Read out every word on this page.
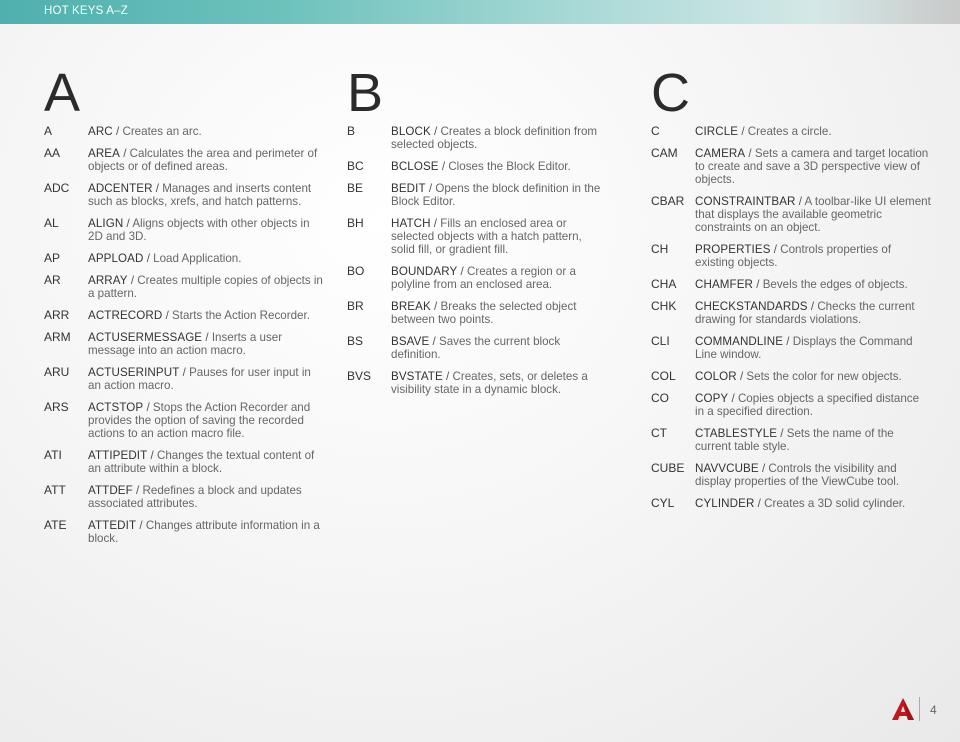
HOT KEYS A–Z
A
A	ARC / Creates an arc.
AA	AREA / Calculates the area and perimeter of objects or of defined areas.
ADC	ADCENTER / Manages and inserts content such as blocks, xrefs, and hatch patterns.
AL	ALIGN / Aligns objects with other objects in 2D and 3D.
AP	APPLOAD / Load Application.
AR	ARRAY / Creates multiple copies of objects in a pattern.
ARR	ACTRECORD / Starts the Action Recorder.
ARM	ACTUSERMESSAGE / Inserts a user message into an action macro.
ARU	ACTUSERINPUT / Pauses for user input in an action macro.
ARS	ACTSTOP / Stops the Action Recorder and provides the option of saving the recorded actions to an action macro file.
ATI	ATTIPEDIT / Changes the textual content of an attribute within a block.
ATT	ATTDEF / Redefines a block and updates associated attributes.
ATE	ATTEDIT / Changes attribute information in a block.
B
B	BLOCK / Creates a block definition from selected objects.
BC	BCLOSE / Closes the Block Editor.
BE	BEDIT / Opens the block definition in the Block Editor.
BH	HATCH / Fills an enclosed area or selected objects with a hatch pattern, solid fill, or gradient fill.
BO	BOUNDARY / Creates a region or a polyline from an enclosed area.
BR	BREAK / Breaks the selected object between two points.
BS	BSAVE / Saves the current block definition.
BVS	BVSTATE / Creates, sets, or deletes a visibility state in a dynamic block.
C
C	CIRCLE / Creates a circle.
CAM	CAMERA / Sets a camera and target location to create and save a 3D perspective view of objects.
CBAR CONSTRAINTBAR / A toolbar-like UI element that displays the available geometric constraints on an object.
CH	PROPERTIES / Controls properties of existing objects.
CHA	CHAMFER / Bevels the edges of objects.
CHK	CHECKSTANDARDS / Checks the current drawing for standards violations.
CLI	COMMANDLINE / Displays the Command Line window.
COL	COLOR / Sets the color for new objects.
CO	COPY / Copies objects a specified distance in a specified direction.
CT	CTABLESTYLE / Sets the name of the current table style.
CUBE NAVVCUBE / Controls the visibility and display properties of the ViewCube tool.
CYL	CYLINDER / Creates a 3D solid cylinder.
4
